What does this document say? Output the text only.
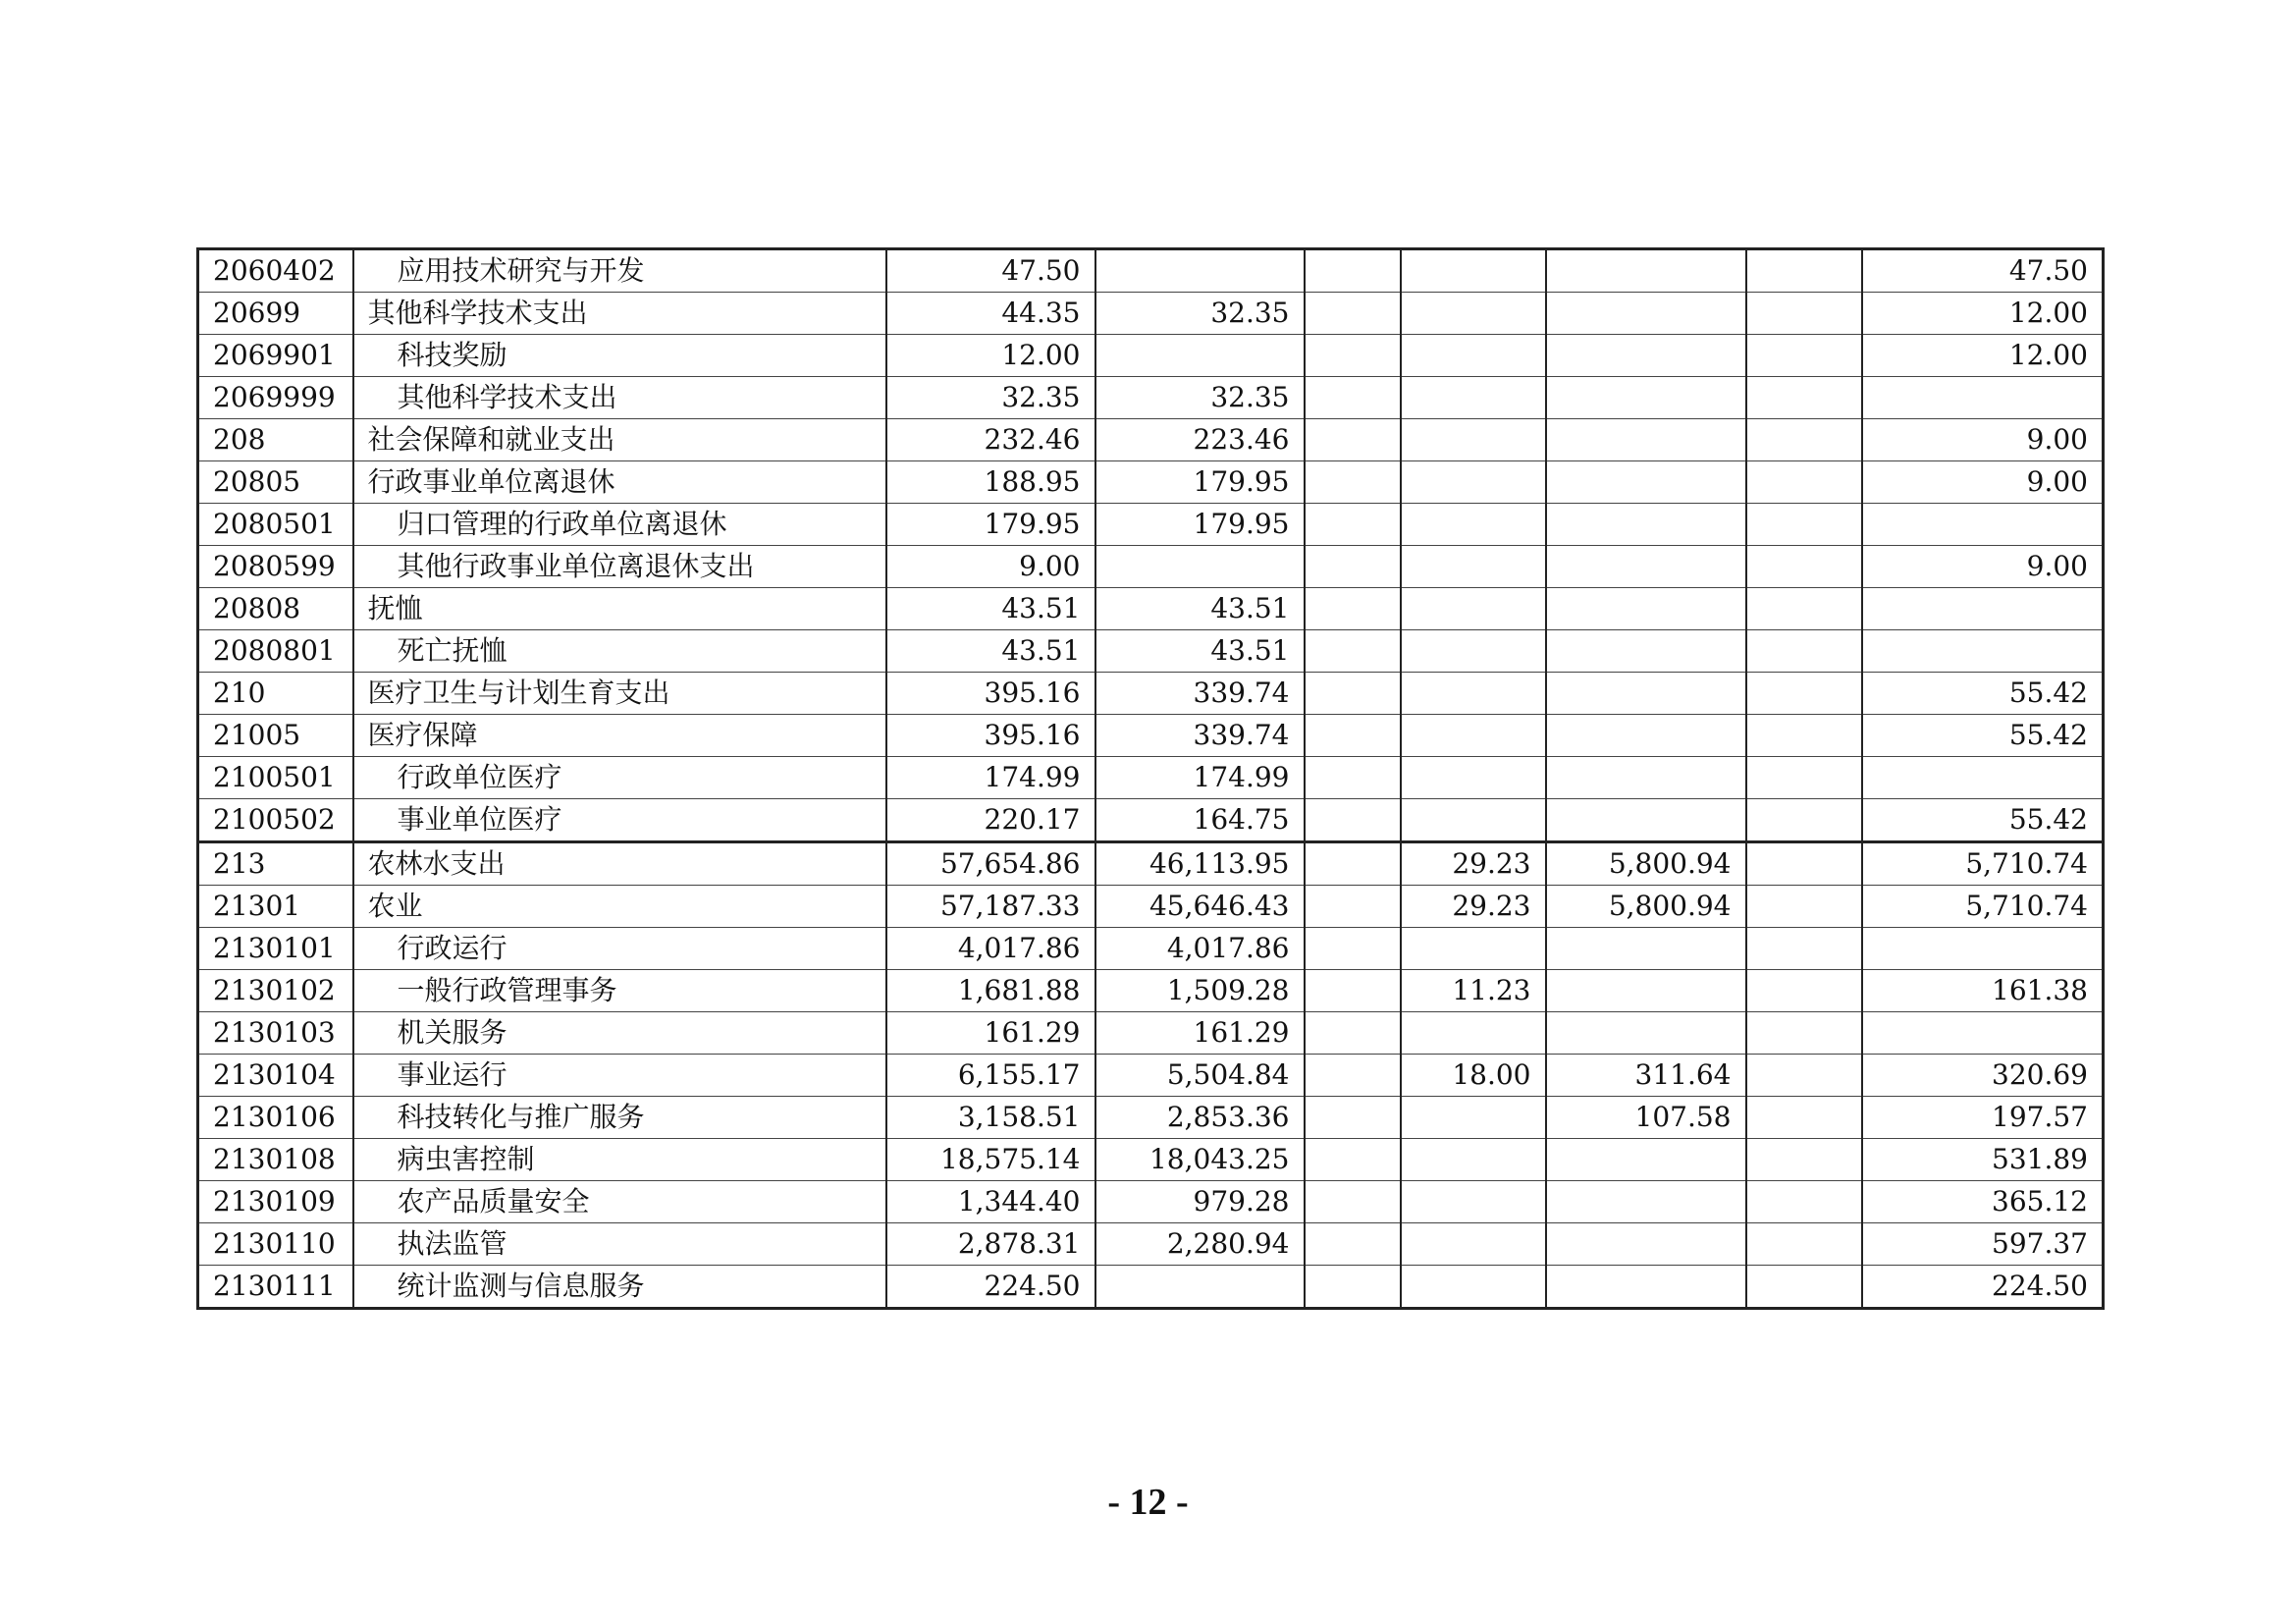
2060402	应用技术研究与开发	47.50						47.50
20699	其他科学技术支出	44.35	32.35					12.00
2069901	科技奖励	12.00						12.00
2069999	其他科学技术支出	32.35	32.35					
208	社会保障和就业支出	232.46	223.46					9.00
20805	行政事业单位离退休	188.95	179.95					9.00
2080501	归口管理的行政单位离退休	179.95	179.95					
2080599	其他行政事业单位离退休支出	9.00						9.00
20808	抚恤	43.51	43.51					
2080801	死亡抚恤	43.51	43.51					
210	医疗卫生与计划生育支出	395.16	339.74					55.42
21005	医疗保障	395.16	339.74					55.42
2100501	行政单位医疗	174.99	174.99					
2100502	事业单位医疗	220.17	164.75					55.42
213	农林水支出	57,654.86	46,113.95		29.23	5,800.94		5,710.74
21301	农业	57,187.33	45,646.43		29.23	5,800.94		5,710.74
2130101	行政运行	4,017.86	4,017.86					
2130102	一般行政管理事务	1,681.88	1,509.28		11.23			161.38
2130103	机关服务	161.29	161.29					
2130104	事业运行	6,155.17	5,504.84		18.00	311.64		320.69
2130106	科技转化与推广服务	3,158.51	2,853.36			107.58		197.57
2130108	病虫害控制	18,575.14	18,043.25					531.89
2130109	农产品质量安全	1,344.40	979.28					365.12
2130110	执法监管	2,878.31	2,280.94					597.37
2130111	统计监测与信息服务	224.50						224.50
- 12 -
